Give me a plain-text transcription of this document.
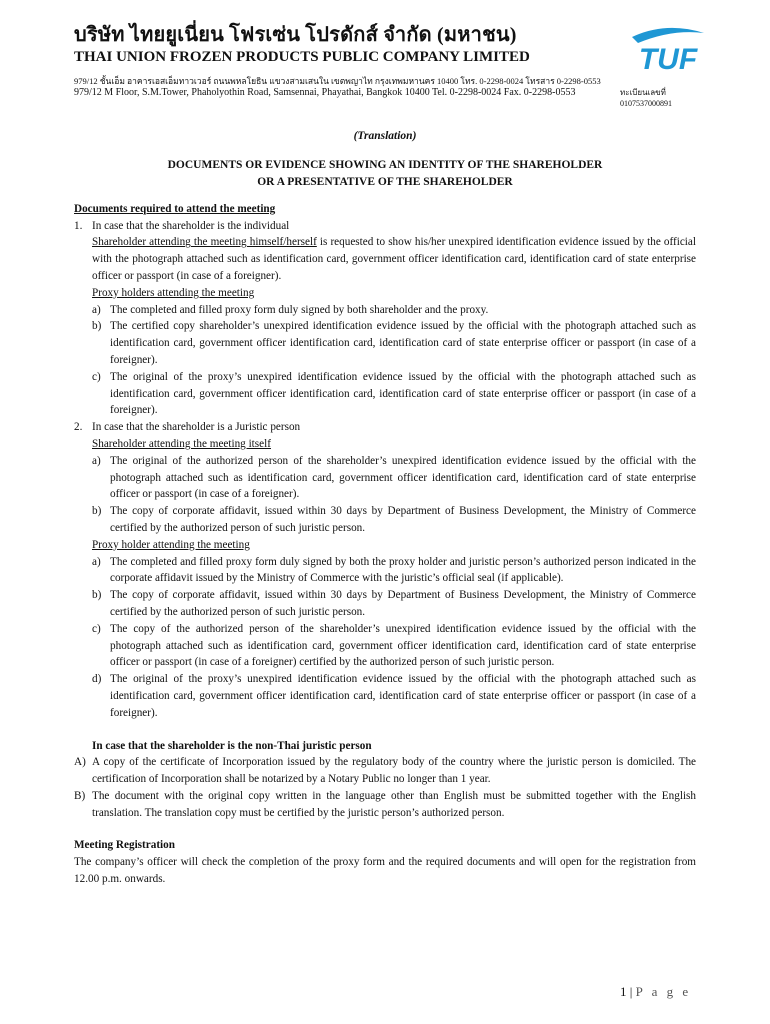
บริษัท ไทยยูเนี่ยน โฟรเซ่น โปรดักส์ จำกัด (มหาชน)
THAI UNION FROZEN PRODUCTS PUBLIC COMPANY LIMITED
979/12 ชั้นเอ็ม อาคารเอสเอ็มทาวเวอร์ ถนนพหลโยธิน แขวงสามเสนใน เขตพญาไท กรุงเทพมหานคร 10400 โทร. 0-2298-0024 โทรสาร 0-2298-0553
979/12 M Floor, S.M.Tower, Phaholyothin Road, Samsennai, Phayathai, Bangkok 10400 Tel. 0-2298-0024 Fax. 0-2298-0553	ทะเบียนเลขที่ 0107537000891
TUF
(Translation)
DOCUMENTS OR EVIDENCE SHOWING AN IDENTITY OF THE SHAREHOLDER
OR A PRESENTATIVE OF THE SHAREHOLDER
Documents required to attend the meeting
1. In case that the shareholder is the individual
Shareholder attending the meeting himself/herself is requested to show his/her unexpired identification evidence issued by the official with the photograph attached such as identification card, government officer identification card, identification card of state enterprise officer or passport (in case of a foreigner).
Proxy holders attending the meeting
a) The completed and filled proxy form duly signed by both shareholder and the proxy.
b) The certified copy shareholder’s unexpired identification evidence issued by the official with the photograph attached such as identification card, government officer identification card, identification card of state enterprise officer or passport (in case of a foreigner).
c) The original of the proxy’s unexpired identification evidence issued by the official with the photograph attached such as identification card, government officer identification card, identification card of state enterprise officer or passport (in case of a foreigner).
2. In case that the shareholder is a Juristic person
Shareholder attending the meeting itself
a) The original of the authorized person of the shareholder’s unexpired identification evidence issued by the official with the photograph attached such as identification card, government officer identification card, identification card of state enterprise officer or passport (in case of a foreigner).
b) The copy of corporate affidavit, issued within 30 days by Department of Business Development, the Ministry of Commerce certified by the authorized person of such juristic person.
Proxy holder attending the meeting
a) The completed and filled proxy form duly signed by both the proxy holder and juristic person’s authorized person indicated in the corporate affidavit issued by the Ministry of Commerce with the juristic’s official seal (if applicable).
b) The copy of corporate affidavit, issued within 30 days by Department of Business Development, the Ministry of Commerce certified by the authorized person of such juristic person.
c) The copy of the authorized person of the shareholder’s unexpired identification evidence issued by the official with the photograph attached such as identification card, government officer identification card, identification card of state enterprise officer or passport (in case of a foreigner) certified by the authorized person of such juristic person.
d) The original of the proxy’s unexpired identification evidence issued by the official with the photograph attached such as identification card, government officer identification card, identification card of state enterprise officer or passport (in case of a foreigner).
In case that the shareholder is the non-Thai juristic person
A) A copy of the certificate of Incorporation issued by the regulatory body of the country where the juristic person is domiciled. The certification of Incorporation shall be notarized by a Notary Public no longer than 1 year.
B) The document with the original copy written in the language other than English must be submitted together with the English translation. The translation copy must be certified by the juristic person’s authorized person.
Meeting Registration
The company’s officer will check the completion of the proxy form and the required documents and will open for the registration from 12.00 p.m. onwards.
1 | P a g e
